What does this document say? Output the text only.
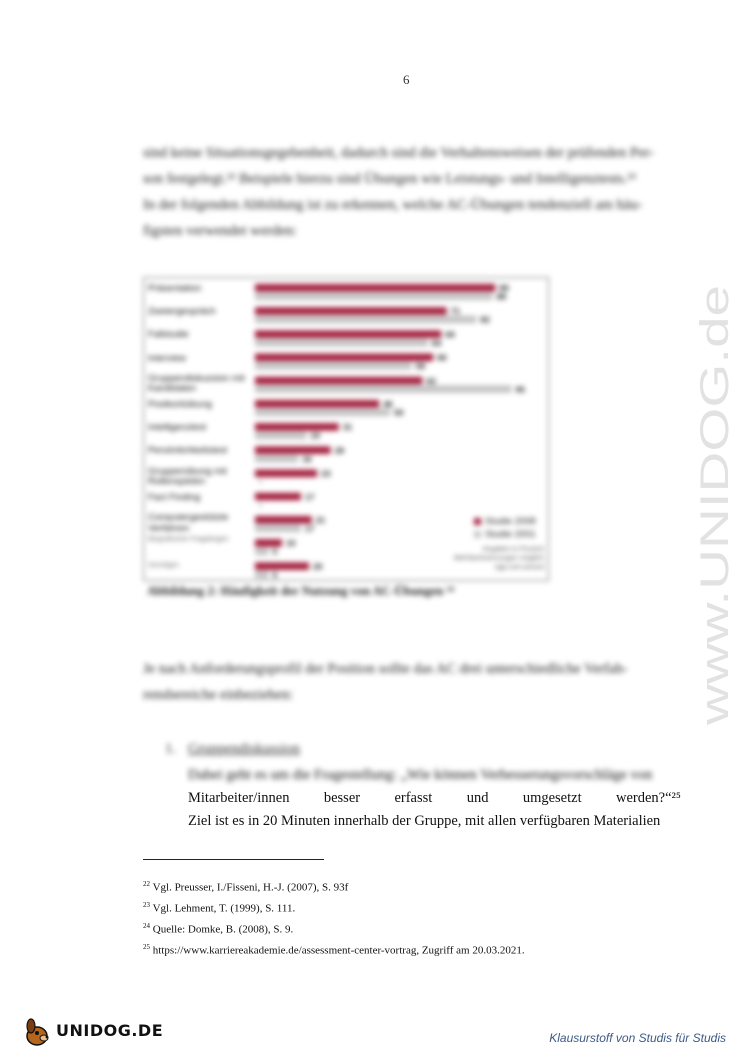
6
sind keine Situationsgegebenheit, dadurch sind die Verhaltensweisen der prüfenden Per-
son festgelegt.²² Beispiele hierzu sind Übungen wie Leistungs- und Intelligenztests.²³
In der folgenden Abbildung ist zu erkennen, welche AC-Übungen tendenziell am häu-
figsten verwendet werden:
89
88
71
82
69
64
66
58
62
95
46
50
31
19
28
16
23
-
17
-
21
17
10
5
20
5
Präsentation
Zweiergespräch
Fallstudie
Interview
Gruppendiskussion mit Kandidaten
Postkorbübung
Intelligenztest
Persönlichkeitstest
Gruppenübung mit Rollenspielen
Fact Finding
Computergestützte Verfahren
Biografischer Fragebogen
Sonstiges
Studie 2008
Studie 2001
Angaben in Prozent
Mehrfachnennungen möglich
ogp.com.ansoul
Abbildung 2: Häufigkeit der Nutzung von AC-Übungen ²⁴
Je nach Anforderungsprofil der Position sollte das AC drei unterschiedliche Verfah-
rensbereiche einbeziehen:
1. Gruppendiskussion
Dabei geht es um die Fragestellung: „Wie können Verbesserungsvorschläge von
Mitarbeiter/innen besser erfasst und umgesetzt werden?“²⁵
Ziel ist es in 20 Minuten innerhalb der Gruppe, mit allen verfügbaren Materialien
$^{22}$ Vgl. Preusser, I./Fisseni, H.-J. (2007), S. 93f
$^{23}$ Vgl. Lehment, T. (1999), S. 111.
$^{24}$ Quelle: Domke, B. (2008), S. 9.
$^{25}$ https://www.karriereakademie.de/assessment-center-vortrag, Zugriff am 20.03.2021.
www.UNIDOG.de
UNIDOG.DE	Klausurstoff von Studis für Studis
